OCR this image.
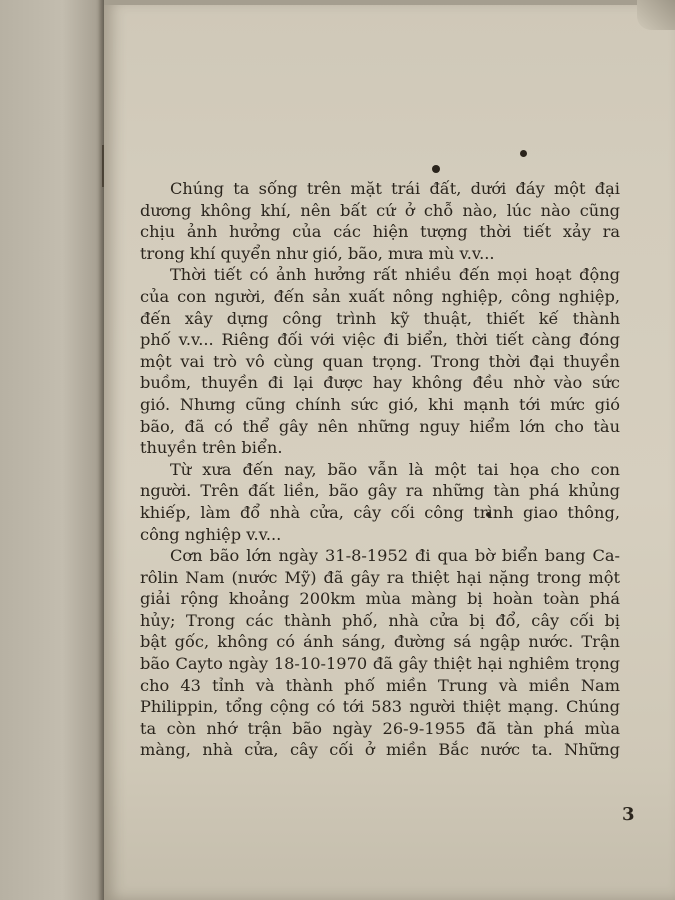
Chúng ta sống trên mặt trái đất, dưới đáy một đại
dương không khí, nên bất cứ ở chỗ nào, lúc nào cũng
chịu ảnh hưởng của các hiện tượng thời tiết xảy ra
trong khí quyển như gió, bão, mưa mù v.v...
Thời tiết có ảnh hưởng rất nhiều đến mọi hoạt động
của con người, đến sản xuất nông nghiệp, công nghiệp,
đến xây dựng công trình kỹ thuật, thiết kế thành
phố v.v... Riêng đối với việc đi biển, thời tiết càng đóng
một vai trò vô cùng quan trọng. Trong thời đại thuyền
buồm, thuyền đi lại được hay không đều nhờ vào sức
gió. Nhưng cũng chính sức gió, khi mạnh tới mức gió
bão, đã có thể gây nên những nguy hiểm lớn cho tàu
thuyền trên biển.
Từ xưa đến nay, bão vẫn là một tai họa cho con
người. Trên đất liền, bão gây ra những tàn phá khủng
khiếp, làm đổ nhà cửa, cây cối công trình giao thông,
công nghiệp v.v...
Cơn bão lớn ngày 31-8-1952 đi qua bờ biển bang Ca-
rôlin Nam (nước Mỹ) đã gây ra thiệt hại nặng trong một
giải rộng khoảng 200km mùa màng bị hoàn toàn phá
hủy; Trong các thành phố, nhà cửa bị đổ, cây cối bị
bật gốc, không có ánh sáng, đường sá ngập nước. Trận
bão Cayto ngày 18-10-1970 đã gây thiệt hại nghiêm trọng
cho 43 tỉnh và thành phố miền Trung và miền Nam
Philippin, tổng cộng có tới 583 người thiệt mạng. Chúng
ta còn nhớ trận bão ngày 26-9-1955 đã tàn phá mùa
màng, nhà cửa, cây cối ở miền Bắc nước ta. Những
3
